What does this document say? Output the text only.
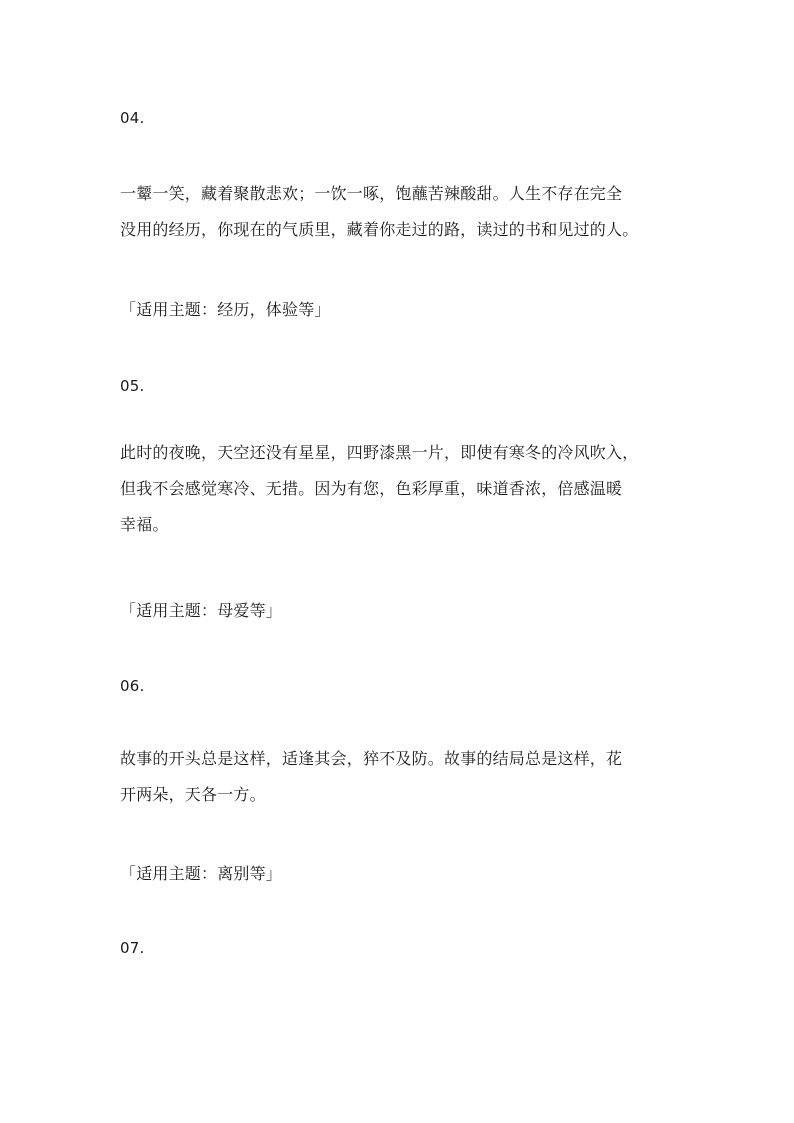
04.
一颦一笑，藏着聚散悲欢；一饮一啄，饱蘸苦辣酸甜。人生不存在完全
没用的经历，你现在的气质里，藏着你走过的路，读过的书和见过的人。
「适用主题：经历，体验等」
05.
此时的夜晚，天空还没有星星，四野漆黑一片，即使有寒冬的冷风吹入，
但我不会感觉寒冷、无措。因为有您，色彩厚重，味道香浓，倍感温暖
幸福。
「适用主题：母爱等」
06.
故事的开头总是这样，适逢其会，猝不及防。故事的结局总是这样，花
开两朵，天各一方。
「适用主题：离别等」
07.
